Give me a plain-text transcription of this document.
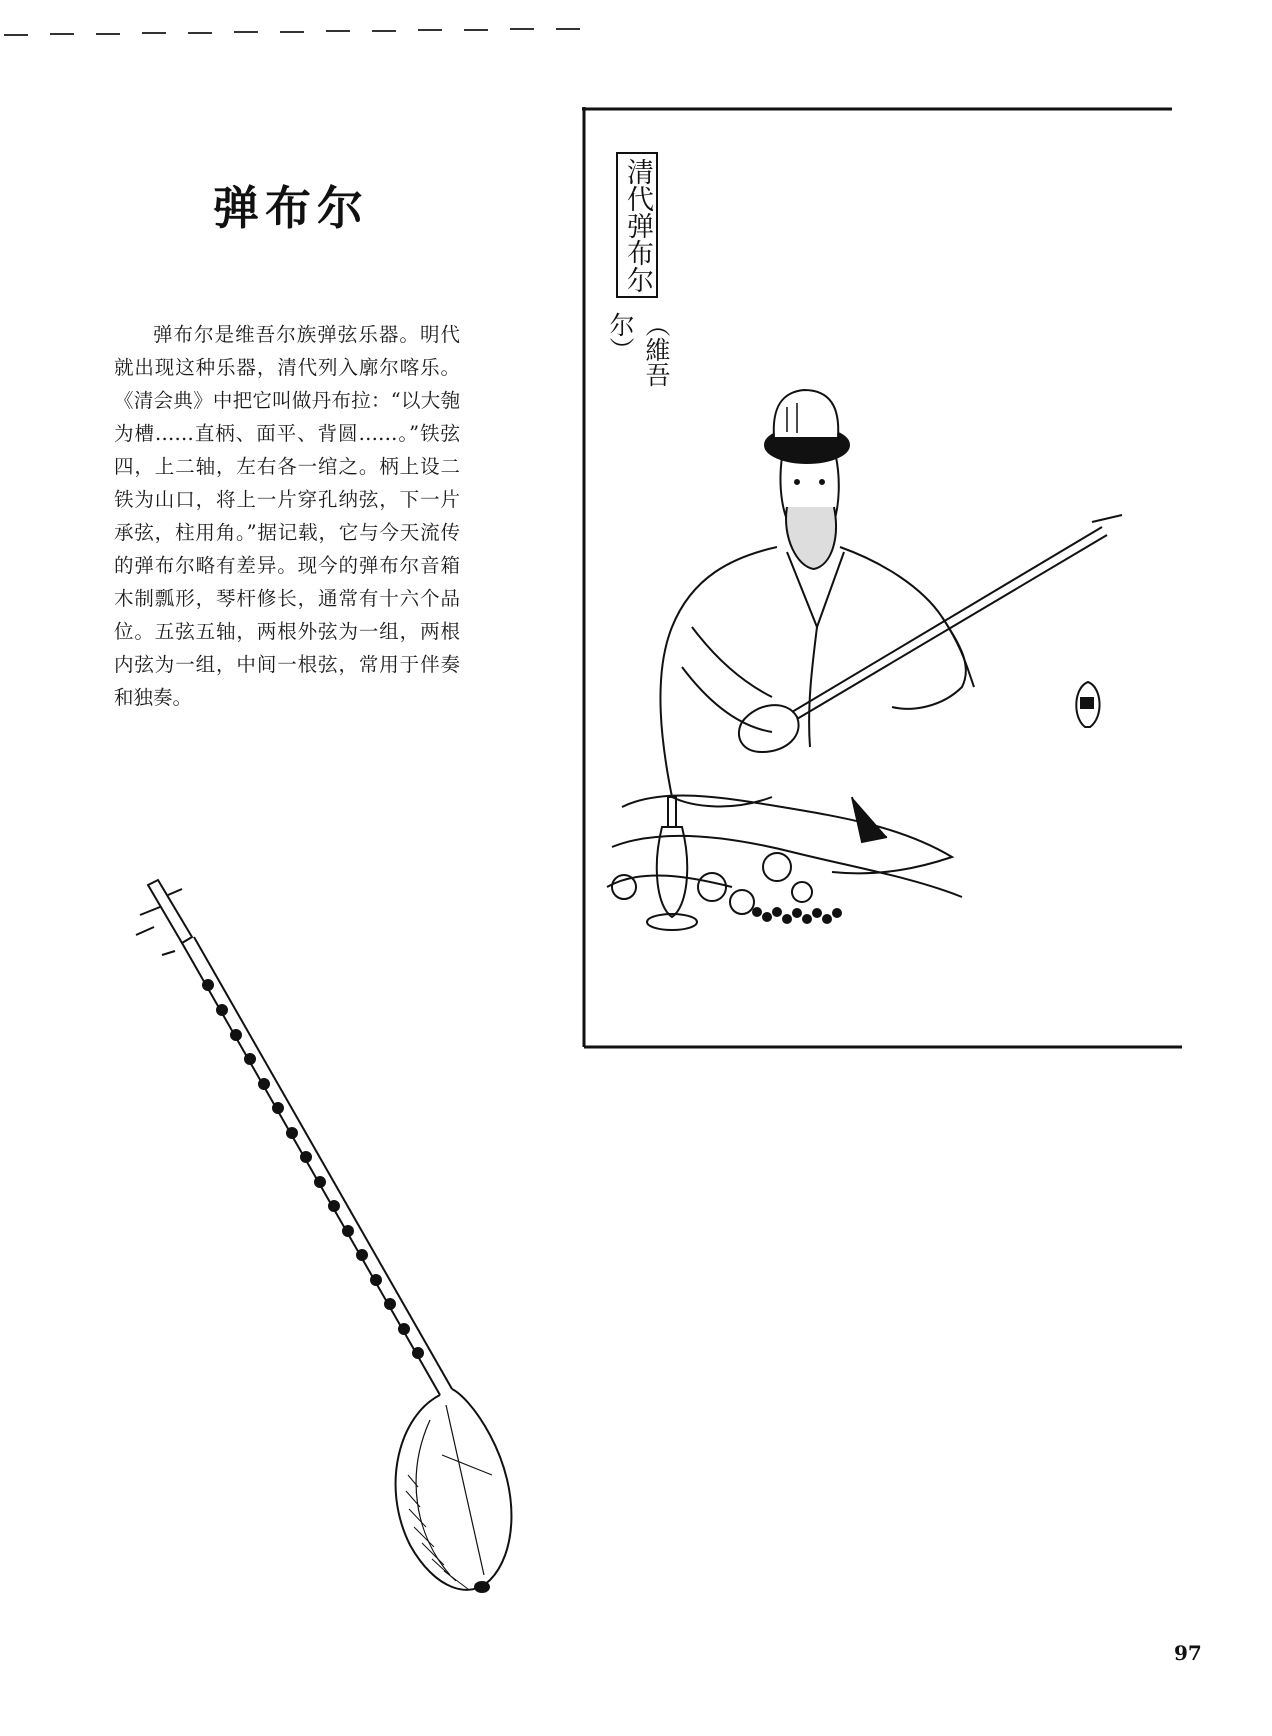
弹布尔

弹布尔是维吾尔族弹弦乐器。明代就出现这种乐器，清代列入廓尔喀乐。《清会典》中把它叫做丹布拉：“以大匏为槽……直柄、面平、背圆……。”铁弦四，上二轴，左右各一绾之。柄上设二铁为山口，将上一片穿孔纳弦，下一片承弦，柱用角。”据记载，它与今天流传的弹布尔略有差异。现今的弹布尔音箱木制瓢形，琴杆修长，通常有十六个品位。五弦五轴，两根外弦为一组，两根内弦为一组，中间一根弦，常用于伴奏和独奏。

清代弹布尔
︵維吾尔︶

97
